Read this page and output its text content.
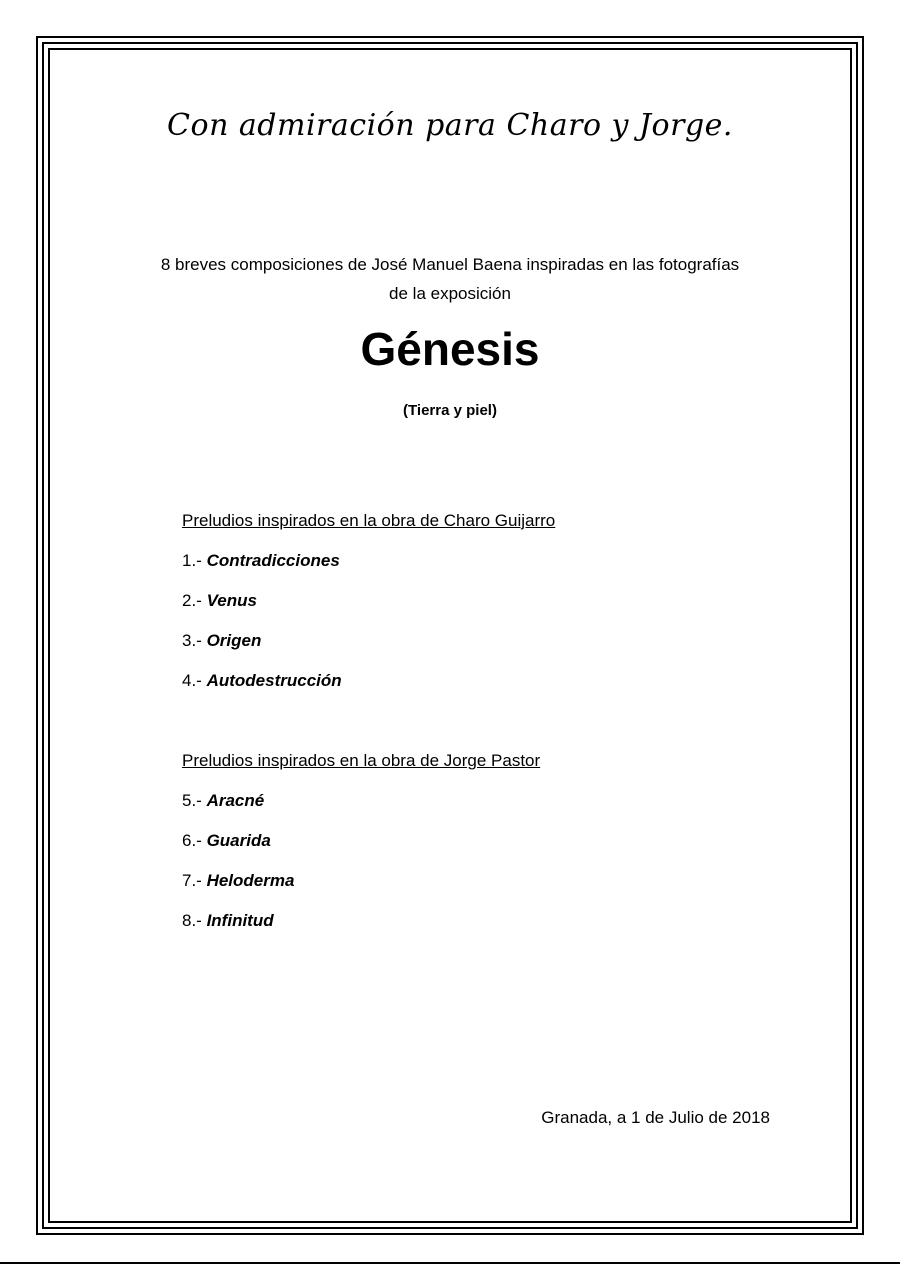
Con admiración para Charo y Jorge.
8 breves composiciones de José Manuel Baena inspiradas en las fotografías de la exposición
Génesis
(Tierra y piel)
Preludios inspirados en la obra de Charo Guijarro
1.- Contradicciones
2.- Venus
3.- Origen
4.- Autodestrucción
Preludios inspirados en la obra de Jorge Pastor
5.- Aracné
6.- Guarida
7.- Heloderma
8.- Infinitud
Granada, a 1 de Julio de 2018
